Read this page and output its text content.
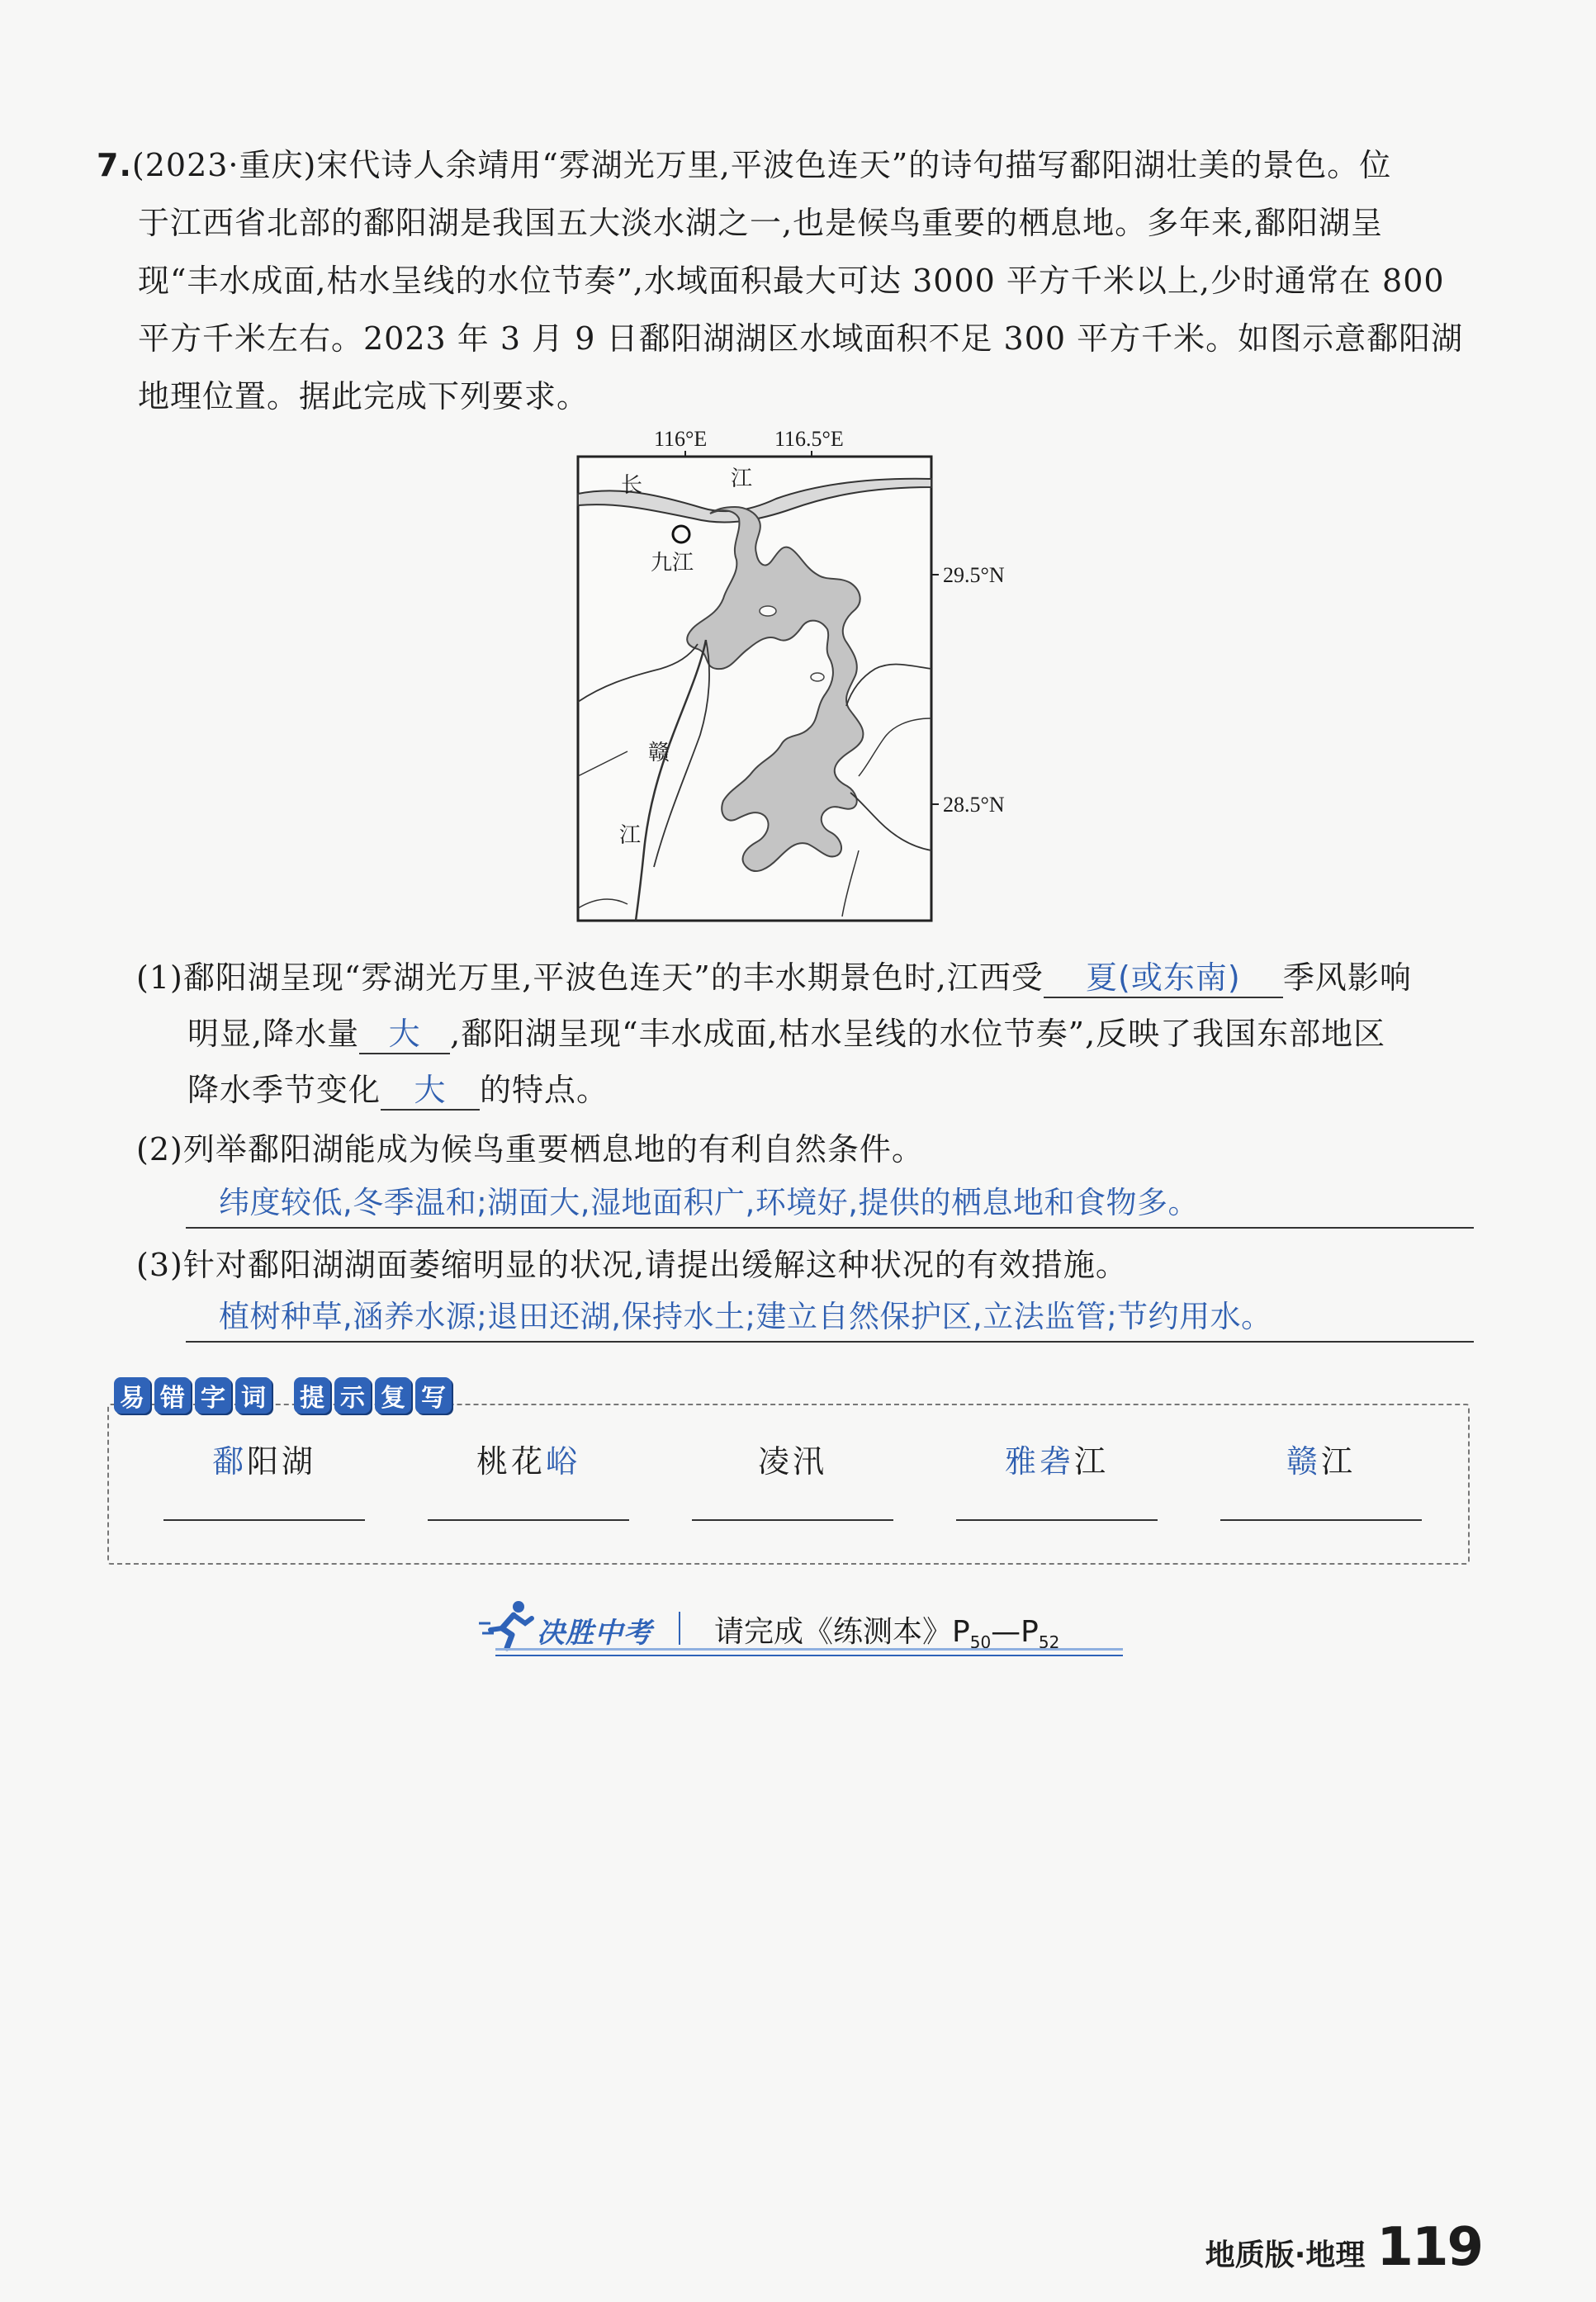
7.(2023·重庆)宋代诗人余靖用“雰湖光万里,平波色连天”的诗句描写鄱阳湖壮美的景色。位
于江西省北部的鄱阳湖是我国五大淡水湖之一,也是候鸟重要的栖息地。多年来,鄱阳湖呈
现“丰水成面,枯水呈线的水位节奏”,水域面积最大可达 3000 平方千米以上,少时通常在 800
平方千米左右。2023 年 3 月 9 日鄱阳湖湖区水域面积不足 300 平方千米。如图示意鄱阳湖
地理位置。据此完成下列要求。
116°E	116.5°E
29.5°N
28.5°N
长	江
九江
赣
江
(1)鄱阳湖呈现“雰湖光万里,平波色连天”的丰水期景色时,江西受 夏(或东南) 季风影响
明显,降水量 大 ,鄱阳湖呈现“丰水成面,枯水呈线的水位节奏”,反映了我国东部地区
降水季节变化 大 的特点。
(2)列举鄱阳湖能成为候鸟重要栖息地的有利自然条件。
纬度较低,冬季温和;湖面大,湿地面积广,环境好,提供的栖息地和食物多。
(3)针对鄱阳湖湖面萎缩明显的状况,请提出缓解这种状况的有效措施。
植树种草,涵养水源;退田还湖,保持水土;建立自然保护区,立法监管;节约用水。
易 错 字 词 提 示 复 写
鄱阳湖	桃花峪	凌汛	雅砻江	赣江
决胜中考 请完成《练测本》$P_{50}—P_{52}$
地质版·地理 119
